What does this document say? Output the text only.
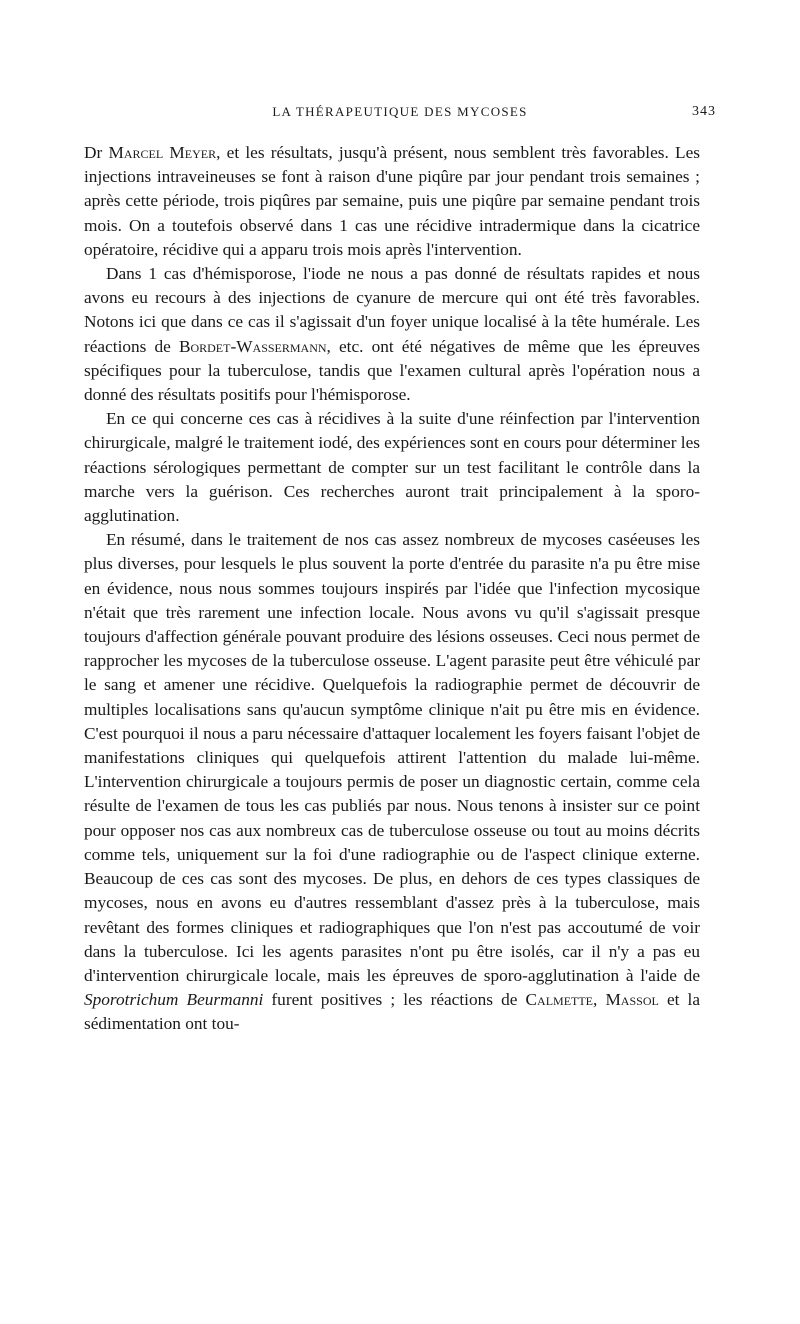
LA THÉRAPEUTIQUE DES MYCOSES	343

Dr Marcel Meyer, et les résultats, jusqu'à présent, nous semblent très favorables. Les injections intraveineuses se font à raison d'une piqûre par jour pendant trois semaines ; après cette période, trois piqûres par semaine, puis une piqûre par semaine pendant trois mois. On a toutefois observé dans 1 cas une récidive intradermique dans la cicatrice opératoire, récidive qui a apparu trois mois après l'intervention.

Dans 1 cas d'hémisporose, l'iode ne nous a pas donné de résultats rapides et nous avons eu recours à des injections de cyanure de mercure qui ont été très favorables. Notons ici que dans ce cas il s'agissait d'un foyer unique localisé à la tête humérale. Les réactions de Bordet-Wassermann, etc. ont été négatives de même que les épreuves spécifiques pour la tuberculose, tandis que l'examen cultural après l'opération nous a donné des résultats positifs pour l'hémisporose.

En ce qui concerne ces cas à récidives à la suite d'une réinfection par l'intervention chirurgicale, malgré le traitement iodé, des expériences sont en cours pour déterminer les réactions sérologiques permettant de compter sur un test facilitant le contrôle dans la marche vers la guérison. Ces recherches auront trait principalement à la sporo-agglutination.

En résumé, dans le traitement de nos cas assez nombreux de mycoses caséeuses les plus diverses, pour lesquels le plus souvent la porte d'entrée du parasite n'a pu être mise en évidence, nous nous sommes toujours inspirés par l'idée que l'infection mycosique n'était que très rarement une infection locale. Nous avons vu qu'il s'agissait presque toujours d'affection générale pouvant produire des lésions osseuses. Ceci nous permet de rapprocher les mycoses de la tuberculose osseuse. L'agent parasite peut être véhiculé par le sang et amener une récidive. Quelquefois la radiographie permet de découvrir de multiples localisations sans qu'aucun symptôme clinique n'ait pu être mis en évidence. C'est pourquoi il nous a paru nécessaire d'attaquer localement les foyers faisant l'objet de manifestations cliniques qui quelquefois attirent l'attention du malade lui-même. L'intervention chirurgicale a toujours permis de poser un diagnostic certain, comme cela résulte de l'examen de tous les cas publiés par nous. Nous tenons à insister sur ce point pour opposer nos cas aux nombreux cas de tuberculose osseuse ou tout au moins décrits comme tels, uniquement sur la foi d'une radiographie ou de l'aspect clinique externe. Beaucoup de ces cas sont des mycoses. De plus, en dehors de ces types classiques de mycoses, nous en avons eu d'autres ressemblant d'assez près à la tuberculose, mais revêtant des formes cliniques et radiographiques que l'on n'est pas accoutumé de voir dans la tuberculose. Ici les agents parasites n'ont pu être isolés, car il n'y a pas eu d'intervention chirurgicale locale, mais les épreuves de sporo-agglutination à l'aide de Sporotrichum Beurmanni furent positives ; les réactions de Calmette, Massol et la sédimentation ont tou-
